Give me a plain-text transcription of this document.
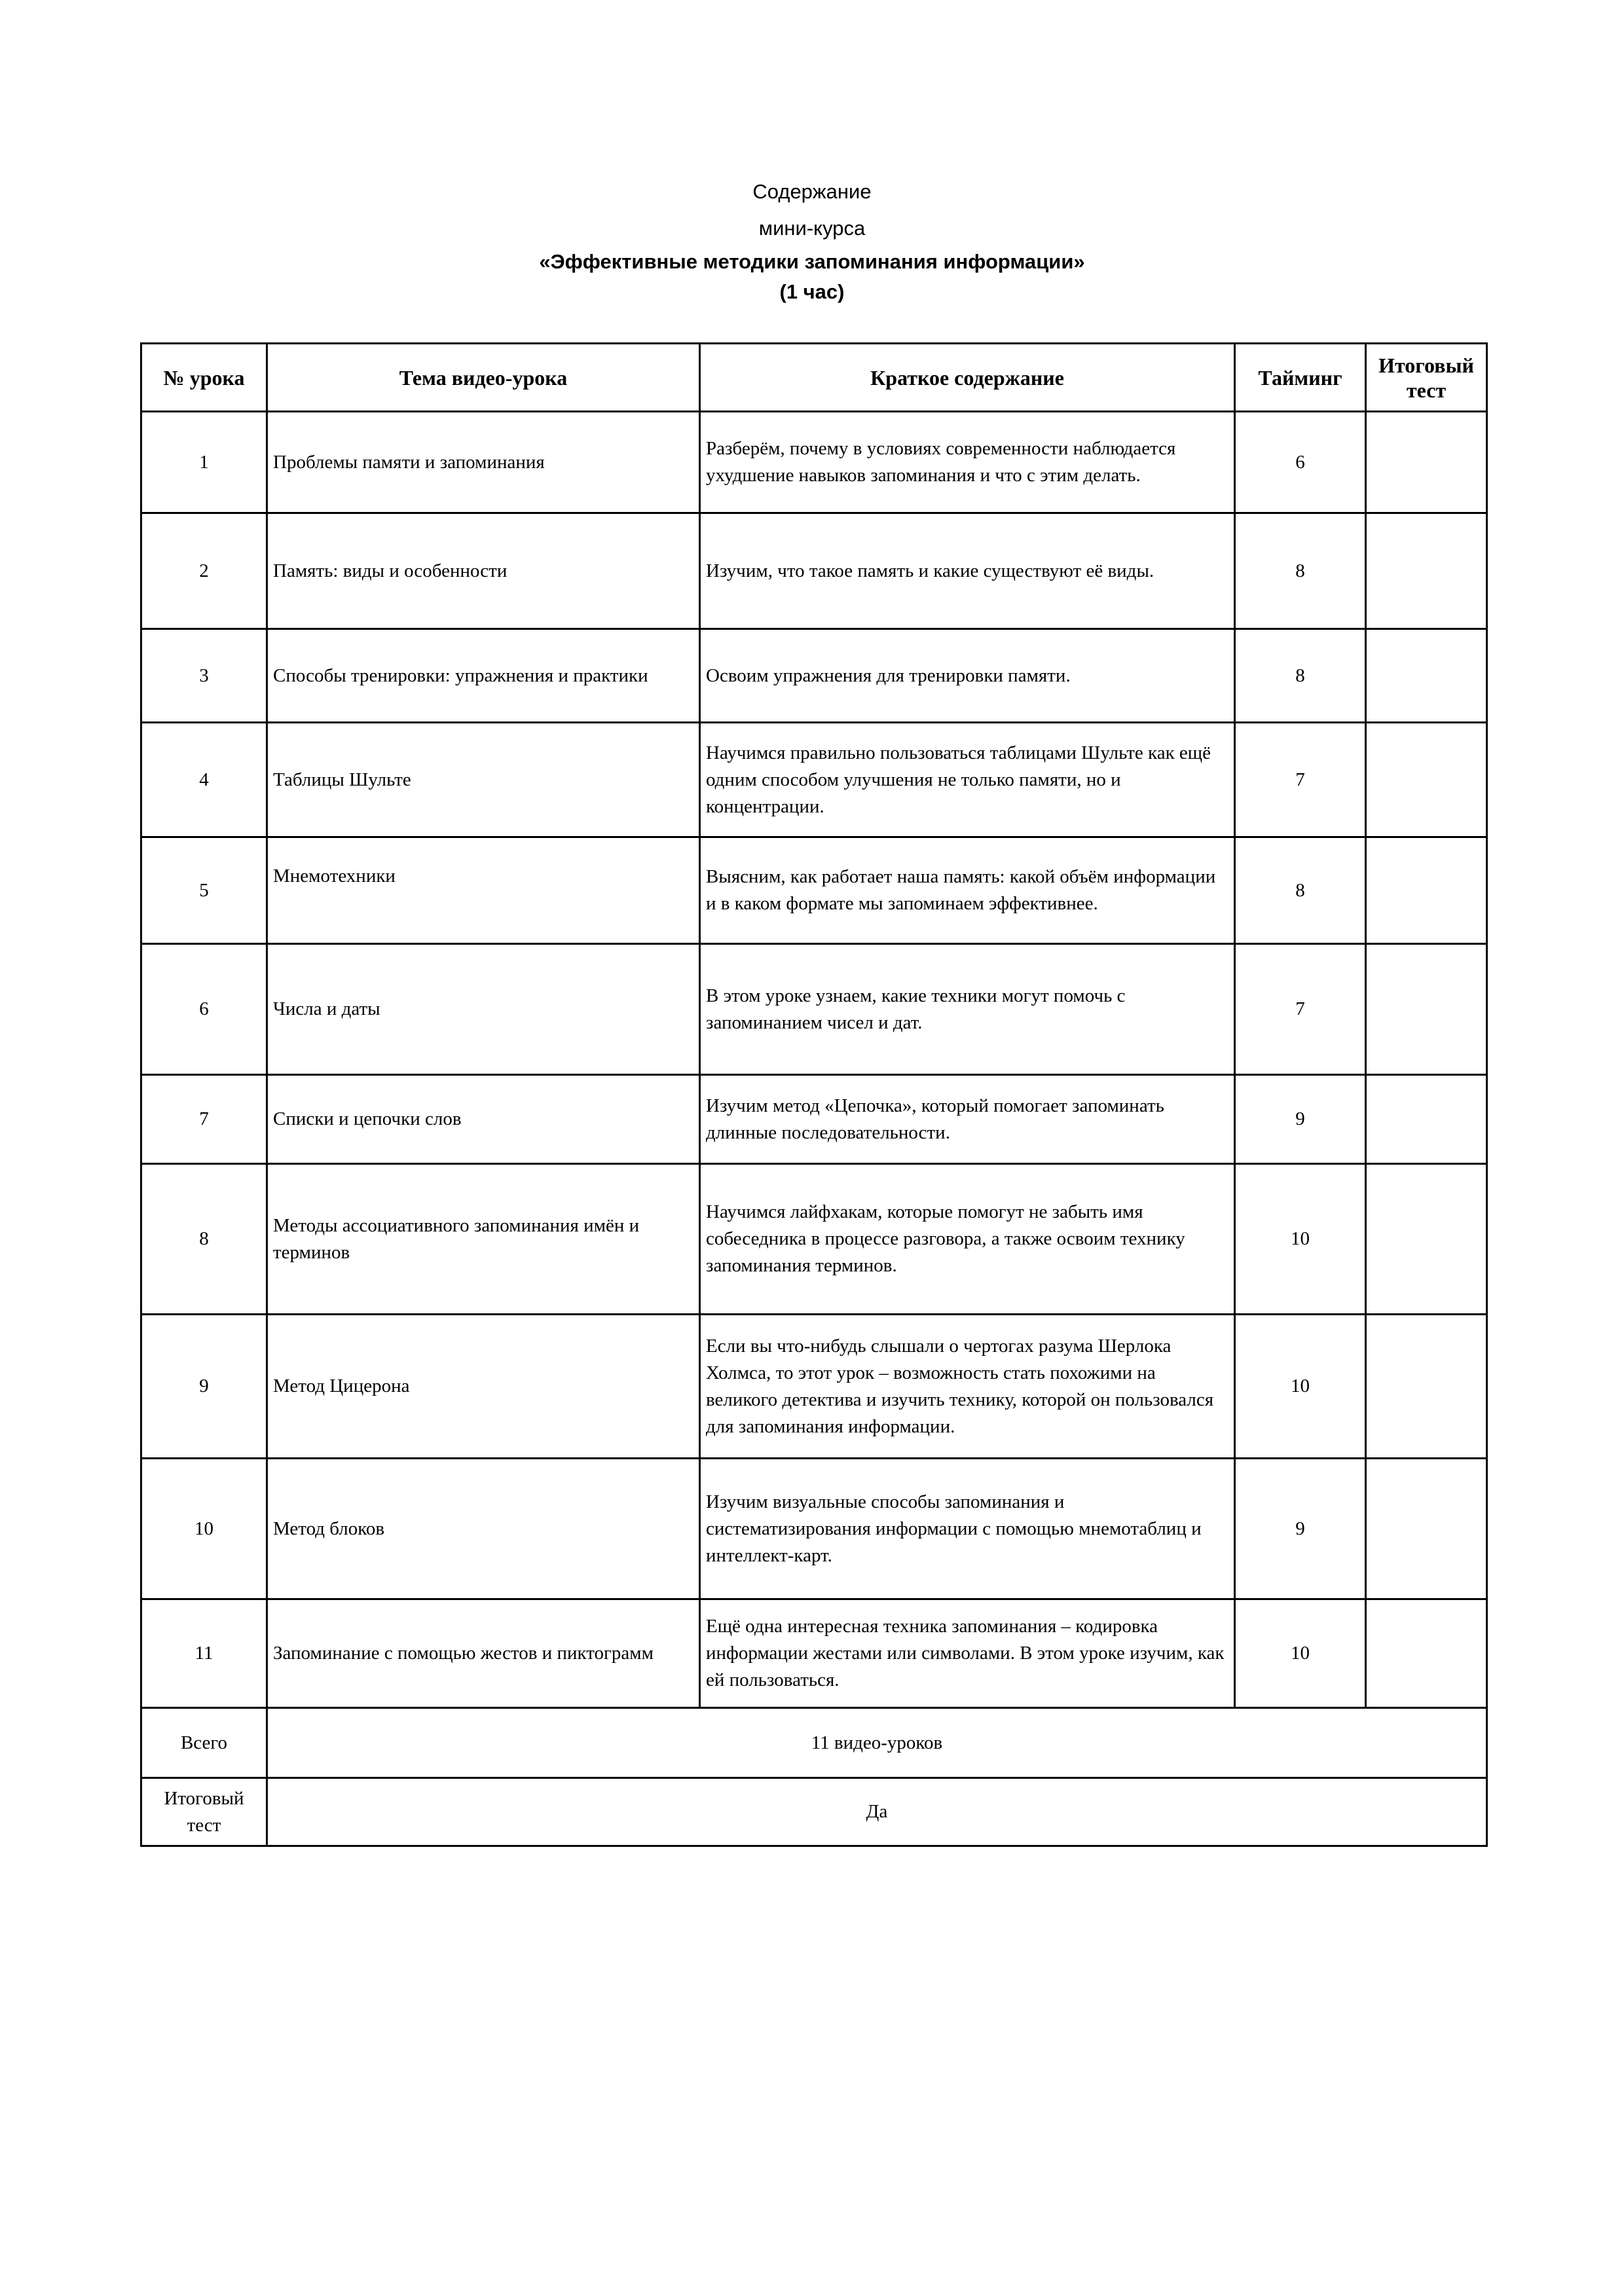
Содержание
мини-курса
«Эффективные методики запоминания информации»
(1 час)
№ урока	Тема видео-урока	Краткое содержание	Тайминг	Итоговый тест
1	Проблемы памяти и запоминания	Разберём, почему в условиях современности наблюдается ухудшение навыков запоминания и что с этим делать.	6	
2	Память: виды и особенности	Изучим, что такое память и какие существуют её виды.	8	
3	Способы тренировки: упражнения и практики	Освоим упражнения для тренировки памяти.	8	
4	Таблицы Шульте	Научимся правильно пользоваться таблицами Шульте как ещё одним способом улучшения не только памяти, но и концентрации.	7	
5	Мнемотехники	Выясним, как работает наша память: какой объём информации и в каком формате мы запоминаем эффективнее.	8	
6	Числа и даты	В этом уроке узнаем, какие техники могут помочь с запоминанием чисел и дат.	7	
7	Списки и цепочки слов	Изучим метод «Цепочка», который помогает запоминать длинные последовательности.	9	
8	Методы ассоциативного запоминания имён и терминов	Научимся лайфхакам, которые помогут не забыть имя собеседника в процессе разговора, а также освоим технику запоминания терминов.	10	
9	Метод Цицерона	Если вы что-нибудь слышали о чертогах разума Шерлока Холмса, то этот урок – возможность стать похожими на великого детектива и изучить технику, которой он пользовался для запоминания информации.	10	
10	Метод блоков	Изучим визуальные способы запоминания и систематизирования информации с помощью мнемотаблиц и интеллект-карт.	9	
11	Запоминание с помощью жестов и пиктограмм	Ещё одна интересная техника запоминания – кодировка информации жестами или символами. В этом уроке изучим, как ей пользоваться.	10	
Всего	11 видео-уроков			
Итоговый тест	Да			
